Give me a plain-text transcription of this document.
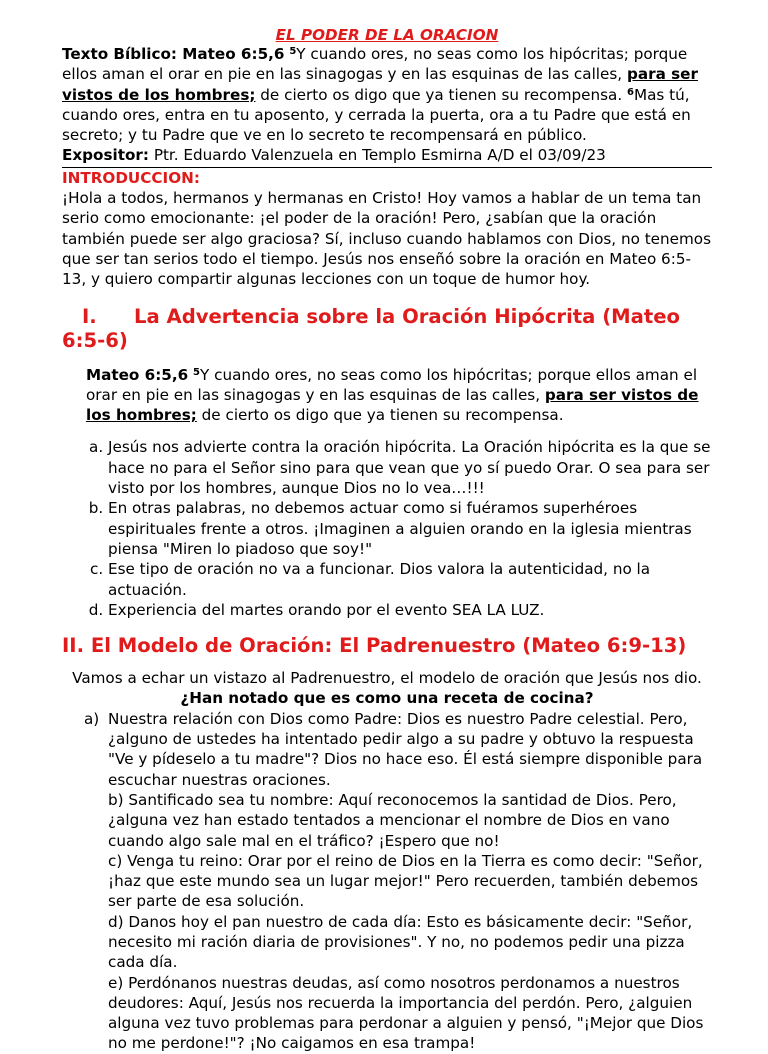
EL PODER DE LA ORACION
Texto Bíblico: Mateo 6:5,6 $^5$Y cuando ores, no seas como los hipócritas; porque ellos aman el orar en pie en las sinagogas y en las esquinas de las calles, para ser vistos de los hombres; de cierto os digo que ya tienen su recompensa. $^6$Mas tú, cuando ores, entra en tu aposento, y cerrada la puerta, ora a tu Padre que está en secreto; y tu Padre que ve en lo secreto te recompensará en público.
Expositor: Ptr. Eduardo Valenzuela en Templo Esmirna A/D el 03/09/23
INTRODUCCION:
¡Hola a todos, hermanos y hermanas en Cristo! Hoy vamos a hablar de un tema tan serio como emocionante: ¡el poder de la oración! Pero, ¿sabían que la oración también puede ser algo graciosa? Sí, incluso cuando hablamos con Dios, no tenemos que ser tan serios todo el tiempo. Jesús nos enseñó sobre la oración en Mateo 6:5-13, y quiero compartir algunas lecciones con un toque de humor hoy.
I. La Advertencia sobre la Oración Hipócrita (Mateo 6:5-6)
Mateo 6:5,6 $^5$Y cuando ores, no seas como los hipócritas; porque ellos aman el orar en pie en las sinagogas y en las esquinas de las calles, para ser vistos de los hombres; de cierto os digo que ya tienen su recompensa.
a. Jesús nos advierte contra la oración hipócrita. La Oración hipócrita es la que se hace no para el Señor sino para que vean que yo sí puedo Orar. O sea para ser visto por los hombres, aunque Dios no lo vea…!!!
b. En otras palabras, no debemos actuar como si fuéramos superhéroes espirituales frente a otros. ¡Imaginen a alguien orando en la iglesia mientras piensa "Miren lo piadoso que soy!"
c. Ese tipo de oración no va a funcionar. Dios valora la autenticidad, no la actuación.
d. Experiencia del martes orando por el evento SEA LA LUZ.
II. El Modelo de Oración: El Padrenuestro (Mateo 6:9-13)
Vamos a echar un vistazo al Padrenuestro, el modelo de oración que Jesús nos dio.
¿Han notado que es como una receta de cocina?
a) Nuestra relación con Dios como Padre: Dios es nuestro Padre celestial. Pero, ¿alguno de ustedes ha intentado pedir algo a su padre y obtuvo la respuesta "Ve y pídeselo a tu madre"? Dios no hace eso. Él está siempre disponible para escuchar nuestras oraciones.
b) Santificado sea tu nombre: Aquí reconocemos la santidad de Dios. Pero, ¿alguna vez han estado tentados a mencionar el nombre de Dios en vano cuando algo sale mal en el tráfico? ¡Espero que no!
c) Venga tu reino: Orar por el reino de Dios en la Tierra es como decir: "Señor, ¡haz que este mundo sea un lugar mejor!" Pero recuerden, también debemos ser parte de esa solución.
d) Danos hoy el pan nuestro de cada día: Esto es básicamente decir: "Señor, necesito mi ración diaria de provisiones". Y no, no podemos pedir una pizza cada día.
e) Perdónanos nuestras deudas, así como nosotros perdonamos a nuestros deudores: Aquí, Jesús nos recuerda la importancia del perdón. Pero, ¿alguien alguna vez tuvo problemas para perdonar a alguien y pensó, "¡Mejor que Dios no me perdone!"? ¡No caigamos en esa trampa!
